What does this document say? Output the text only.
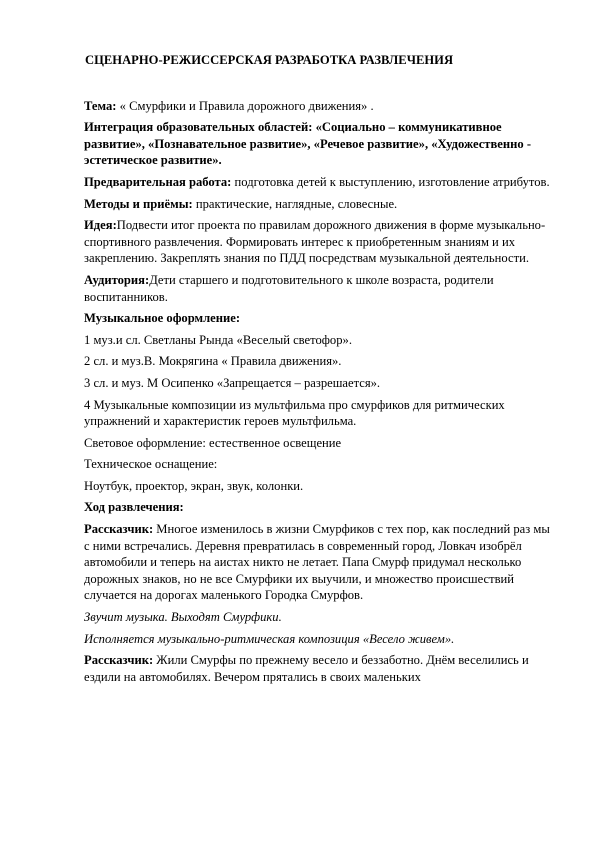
СЦЕНАРНО-РЕЖИССЕРСКАЯ РАЗРАБОТКА РАЗВЛЕЧЕНИЯ

Тема: « Смурфики и Правила дорожного движения» .

Интеграция образовательных областей: «Социально – коммуникативное развитие», «Познавательное развитие», «Речевое развитие», «Художественно - эстетическое развитие».

Предварительная работа: подготовка детей к выступлению, изготовление атрибутов.

Методы и приёмы: практические, наглядные, словесные.

Идея:Подвести итог проекта по правилам дорожного движения в форме музыкально-спортивного развлечения. Формировать интерес к приобретенным знаниям и их закреплению. Закреплять знания по ПДД посредствам музыкальной деятельности.

Аудитория:Дети старшего и подготовительного к школе возраста, родители воспитанников.

Музыкальное оформление:

1 муз.и сл. Светланы Рында «Веселый светофор».

2 сл. и муз.В. Мокрягина « Правила движения».

3 сл. и муз. М Осипенко «Запрещается – разрешается».

4 Музыкальные композиции из мультфильма про смурфиков для ритмических упражнений и характеристик героев мультфильма.

Световое оформление: естественное освещение

Техническое оснащение:

Ноутбук, проектор, экран, звук, колонки.

Ход развлечения:

Рассказчик: Многое изменилось в жизни Смурфиков с тех пор, как последний раз мы с ними встречались. Деревня превратилась в современный город, Ловкач изобрёл автомобили и теперь на аистах никто не летает. Папа Смурф придумал несколько дорожных знаков, но не все Смурфики их выучили, и множество происшествий случается на дорогах маленького Городка Смурфов.

Звучит музыка. Выходят Смурфики.

Исполняется музыкально-ритмическая композиция «Весело живем».

Рассказчик: Жили Смурфы по прежнему весело и беззаботно. Днём веселились и ездили на автомобилях. Вечером прятались в своих маленьких
